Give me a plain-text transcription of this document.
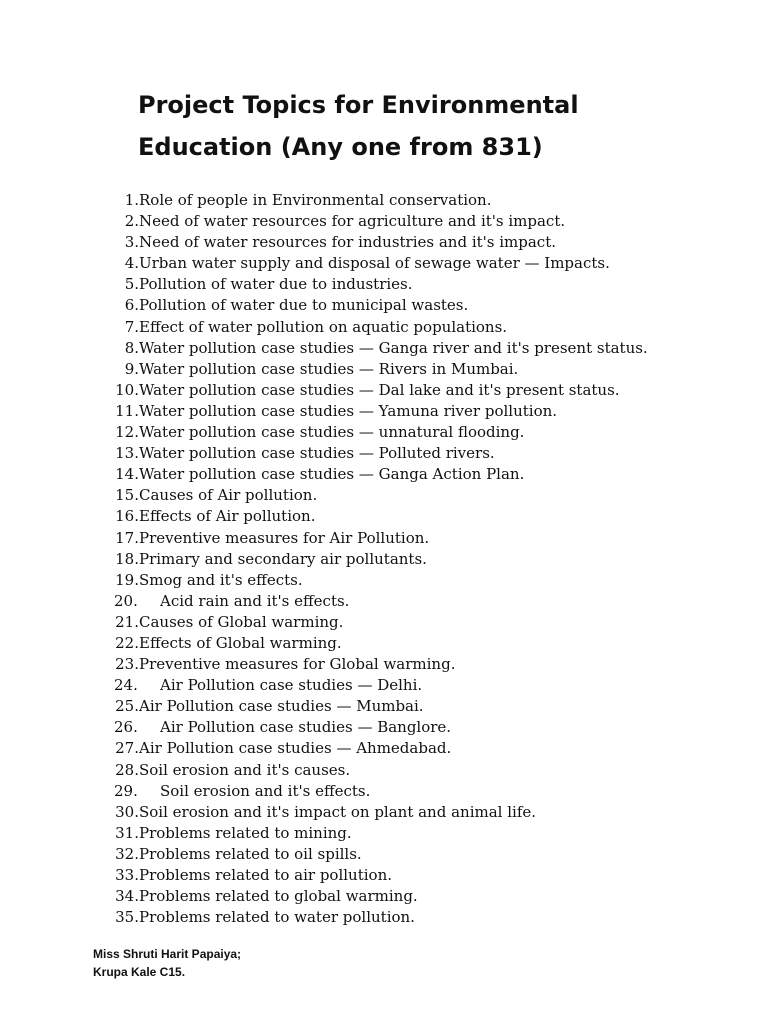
Project Topics for Environmental
Education (Any one from 831)
1. Role of people in Environmental conservation.
2. Need of water resources for agriculture and it's impact.
3. Need of water resources for industries and it's impact.
4. Urban water supply and disposal of sewage water — Impacts.
5. Pollution of water due to industries.
6. Pollution of water due to municipal wastes.
7. Effect of water pollution on aquatic populations.
8. Water pollution case studies — Ganga river and it's present status.
9. Water pollution case studies — Rivers in Mumbai.
10. Water pollution case studies — Dal lake and it's present status.
11. Water pollution case studies — Yamuna river pollution.
12. Water pollution case studies — unnatural flooding.
13. Water pollution case studies — Polluted rivers.
14. Water pollution case studies — Ganga Action Plan.
15. Causes of Air pollution.
16. Effects of Air pollution.
17. Preventive measures for Air Pollution.
18. Primary and secondary air pollutants.
19. Smog and it's effects.
20.	Acid rain and it's effects.
21. Causes of Global warming.
22. Effects of Global warming.
23. Preventive measures for Global warming.
24.	Air Pollution case studies — Delhi.
25. Air Pollution case studies — Mumbai.
26.	Air Pollution case studies — Banglore.
27. Air Pollution case studies — Ahmedabad.
28. Soil erosion and it's causes.
29.	Soil erosion and it's effects.
30. Soil erosion and it's impact on plant and animal life.
31. Problems related to mining.
32. Problems related to oil spills.
33. Problems related to air pollution.
34. Problems related to global warming.
35. Problems related to water pollution.
Miss Shruti Harit Papaiya;
Krupa Kale C15.
